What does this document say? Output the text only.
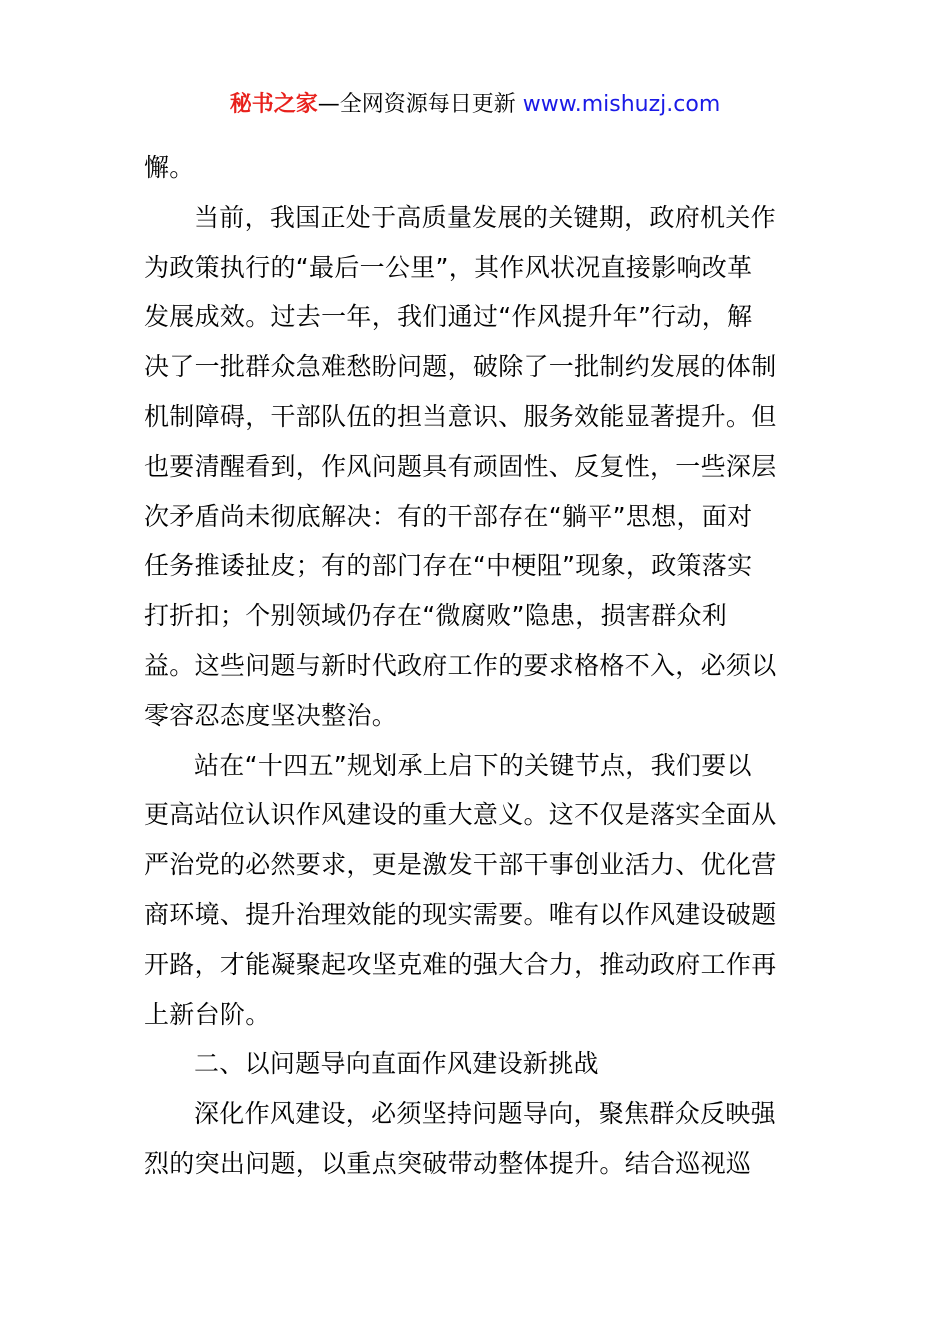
秘书之家—全网资源每日更新 www.mishuzj.com
懈。
当前，我国正处于高质量发展的关键期，政府机关作
为政策执行的“最后一公里”，其作风状况直接影响改革
发展成效。过去一年，我们通过“作风提升年”行动，解
决了一批群众急难愁盼问题，破除了一批制约发展的体制
机制障碍，干部队伍的担当意识、服务效能显著提升。但
也要清醒看到，作风问题具有顽固性、反复性，一些深层
次矛盾尚未彻底解决：有的干部存在“躺平”思想，面对
任务推诿扯皮；有的部门存在“中梗阻”现象，政策落实
打折扣；个别领域仍存在“微腐败”隐患，损害群众利
益。这些问题与新时代政府工作的要求格格不入，必须以
零容忍态度坚决整治。
站在“十四五”规划承上启下的关键节点，我们要以
更高站位认识作风建设的重大意义。这不仅是落实全面从
严治党的必然要求，更是激发干部干事创业活力、优化营
商环境、提升治理效能的现实需要。唯有以作风建设破题
开路，才能凝聚起攻坚克难的强大合力，推动政府工作再
上新台阶。
二、以问题导向直面作风建设新挑战
深化作风建设，必须坚持问题导向，聚焦群众反映强
烈的突出问题，以重点突破带动整体提升。结合巡视巡
